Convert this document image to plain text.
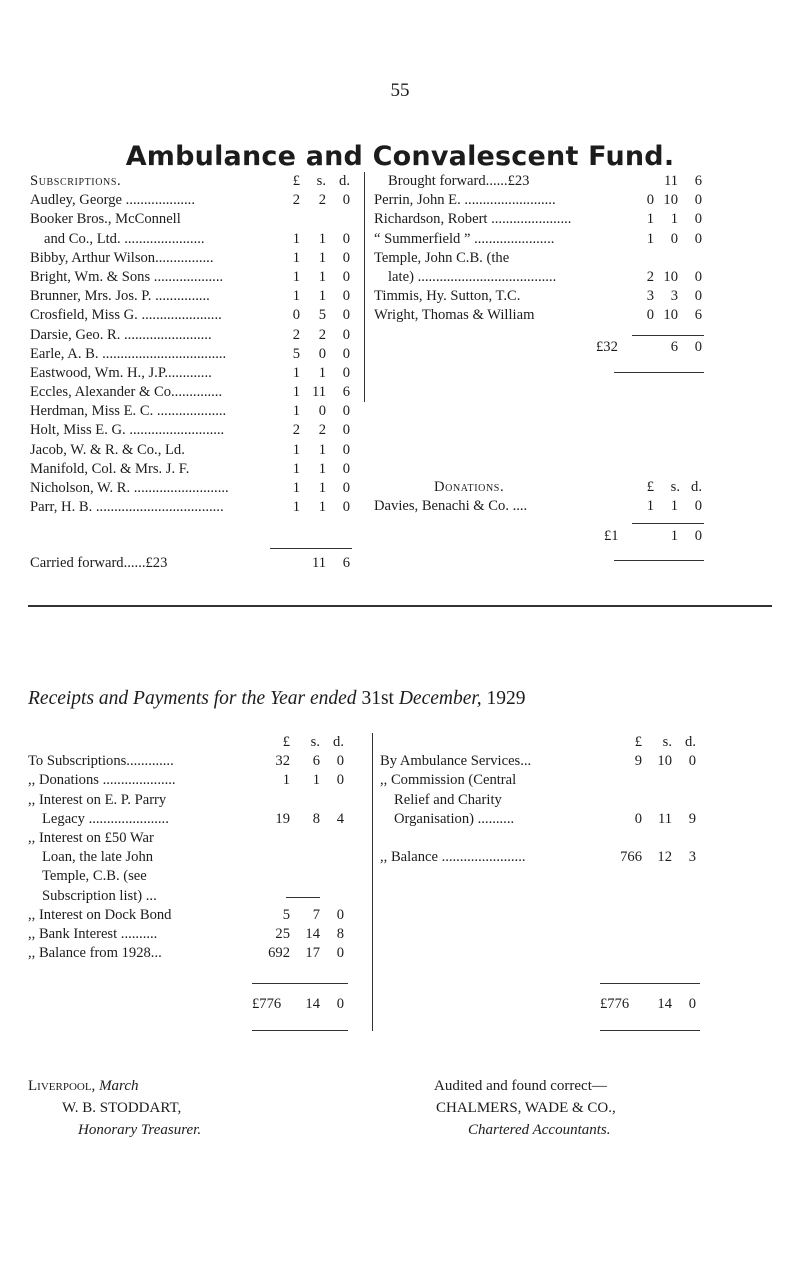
55
Ambulance and Convalescent Fund.
Subscriptions.	£	s. d.
Audley, George ...................	2	2	0
Booker Bros., McConnell
and Co., Ltd. ......................	1	1	0
Bibby, Arthur Wilson................	1	1	0
Bright, Wm. & Sons ...................	1	1	0
Brunner, Mrs. Jos. P. ...............	1	1	0
Crosfield, Miss G. ......................	0	5	0
Darsie, Geo. R. ........................	2	2	0
Earle, A. B. ..................................	5	0	0
Eastwood, Wm. H., J.P.............	1	1	0
Eccles, Alexander & Co..............	1 11	6
Herdman, Miss E. C. ...................	1	0	0
Holt, Miss E. G. ..........................	2	2	0
Jacob, W. & R. & Co., Ld.	1	1	0
Manifold, Col. & Mrs. J. F.	1	1	0
Nicholson, W. R. ..........................	1	1	0
Parr, H. B. ...................................	1	1	0
Carried forward......£23	11	6
Brought forward......£23	11	6
Perrin, John E. .........................	0 10	0
Richardson, Robert ......................	1	1	0
“ Summerfield ” ......................	1	0	0
Temple, John C.B. (the
late) ......................................	2 10	0
Timmis, Hy. Sutton, T.C.	3	3	0
Wright, Thomas & William	0 10	6
£32	6	0
Donations.	£	s. d.
Davies, Benachi & Co. ....	1	1	0
£1	1	0
Receipts and Payments for the Year ended 31st December, 1929
£	s. d.
To Subscriptions.............	32	6	0
,, Donations ....................	1	1	0
,, Interest on E. P. Parry
Legacy ......................	19	8	4
,, Interest on £50 War
Loan, the late John
Temple, C.B. (see
Subscription list) ...
,, Interest on Dock Bond	5	7	0
,, Bank Interest ..........	25	14	8
,, Balance from 1928...	692	17	0
£776	14	0
£	s. d.
By Ambulance Services...	9	10	0
,, Commission (Central
Relief and Charity
Organisation) ..........	0	11	9
,, Balance .......................	766	12	3
£776	14	0
Liverpool, March
W. B. STODDART,
Honorary Treasurer.
Audited and found correct—
CHALMERS, WADE & CO.,
Chartered Accountants.
